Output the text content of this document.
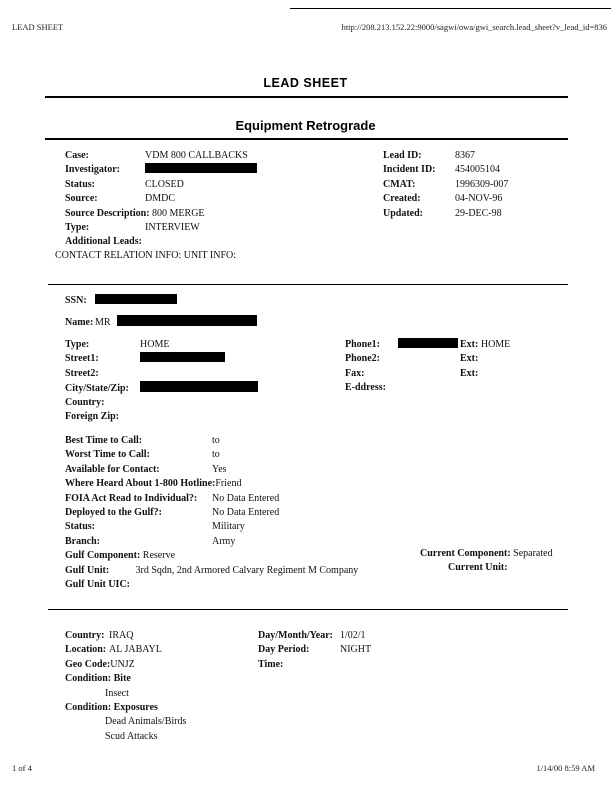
LEAD SHEET	http://208.213.152.22:9000/sagwi/owa/gwi_search.lead_sheet?v_lead_id=836
LEAD SHEET
Equipment Retrograde
Case:	VDM 800 CALLBACKS
Investigator:
Status:	CLOSED
Source:	DMDC
Source Description: 800 MERGE
Type:	INTERVIEW
Additional Leads:
Lead ID:	8367
Incident ID: 454005104
CMAT:	1996309-007
Created:	04-NOV-96
Updated:	29-DEC-98
CONTACT RELATION INFO: UNIT INFO:
SSN:
Name: MR
Type:	HOME
Street1:
Street2:
City/State/Zip:
Country:
Foreign Zip:
Phone1:	Ext: HOME
Phone2:	Ext:
Fax:	Ext:
E-ddress:
Best Time to Call:	to
Worst Time to Call:	to
Available for Contact:	Yes
Where Heard About 1-800 Hotline:Friend
FOIA Act Read to Individual?: No Data Entered
Deployed to the Gulf?:	No Data Entered
Status:	Military
Branch:	Army
Gulf Component: Reserve
Gulf Unit:	3rd Sqdn, 2nd Armored Calvary Regiment M Company
Gulf Unit UIC:
Current Component: Separated
Current Unit:
Country: IRAQ
Location: AL JABAYL
Geo Code:UNJZ
Condition: Bite
Insect
Condition: Exposures
Dead Animals/Birds
Scud Attacks
Day/Month/Year: 1/02/1
Day Period:	NIGHT
Time:
1 of 4	1/14/00 8:59 AM
